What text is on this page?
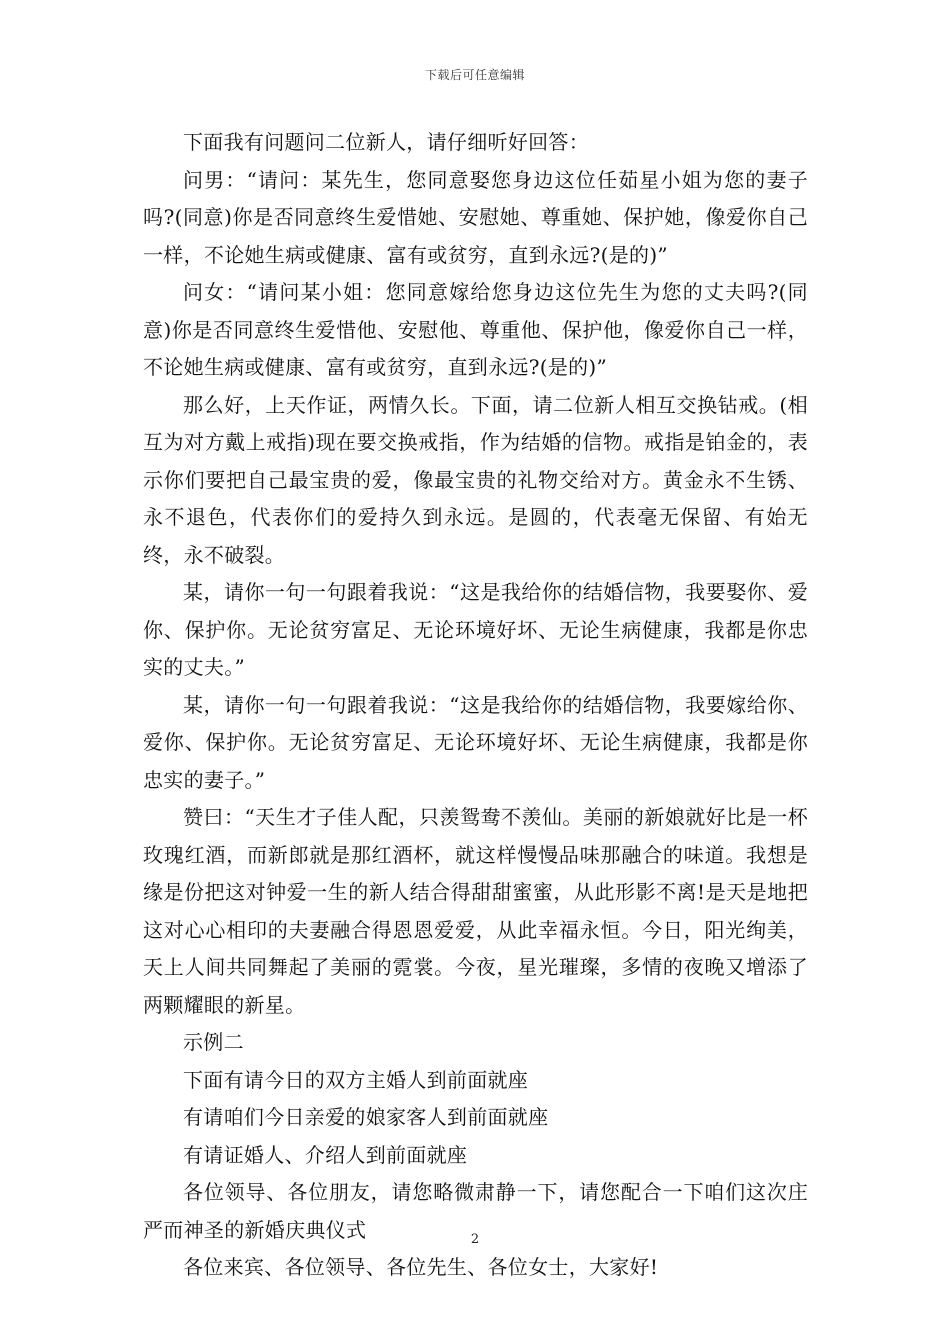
下载后可任意编辑

下面我有问题问二位新人，请仔细听好回答：

问男：“请问：某先生，您同意娶您身边这位任茹星小姐为您的妻子吗?(同意)你是否同意终生爱惜她、安慰她、尊重她、保护她，像爱你自己一样，不论她生病或健康、富有或贫穷，直到永远?(是的)”

问女：“请问某小姐：您同意嫁给您身边这位先生为您的丈夫吗?(同意)你是否同意终生爱惜他、安慰他、尊重他、保护他，像爱你自己一样，不论她生病或健康、富有或贫穷，直到永远?(是的)”

那么好，上天作证，两情久长。下面，请二位新人相互交换钻戒。(相互为对方戴上戒指)现在要交换戒指，作为结婚的信物。戒指是铂金的，表示你们要把自己最宝贵的爱，像最宝贵的礼物交给对方。黄金永不生锈、永不退色，代表你们的爱持久到永远。是圆的，代表毫无保留、有始无终，永不破裂。

某，请你一句一句跟着我说：“这是我给你的结婚信物，我要娶你、爱你、保护你。无论贫穷富足、无论环境好坏、无论生病健康，我都是你忠实的丈夫。”

某，请你一句一句跟着我说：“这是我给你的结婚信物，我要嫁给你、爱你、保护你。无论贫穷富足、无论环境好坏、无论生病健康，我都是你忠实的妻子。”

赞曰：“天生才子佳人配，只羡鸳鸯不羡仙。美丽的新娘就好比是一杯玫瑰红酒，而新郎就是那红酒杯，就这样慢慢品味那融合的味道。我想是缘是份把这对钟爱一生的新人结合得甜甜蜜蜜，从此形影不离!是天是地把这对心心相印的夫妻融合得恩恩爱爱，从此幸福永恒。今日，阳光绚美，天上人间共同舞起了美丽的霓裳。今夜，星光璀璨，多情的夜晚又增添了两颗耀眼的新星。

示例二

下面有请今日的双方主婚人到前面就座

有请咱们今日亲爱的娘家客人到前面就座

有请证婚人、介绍人到前面就座

各位领导、各位朋友，请您略微肃静一下，请您配合一下咱们这次庄严而神圣的新婚庆典仪式

各位来宾、各位领导、各位先生、各位女士，大家好!

2
